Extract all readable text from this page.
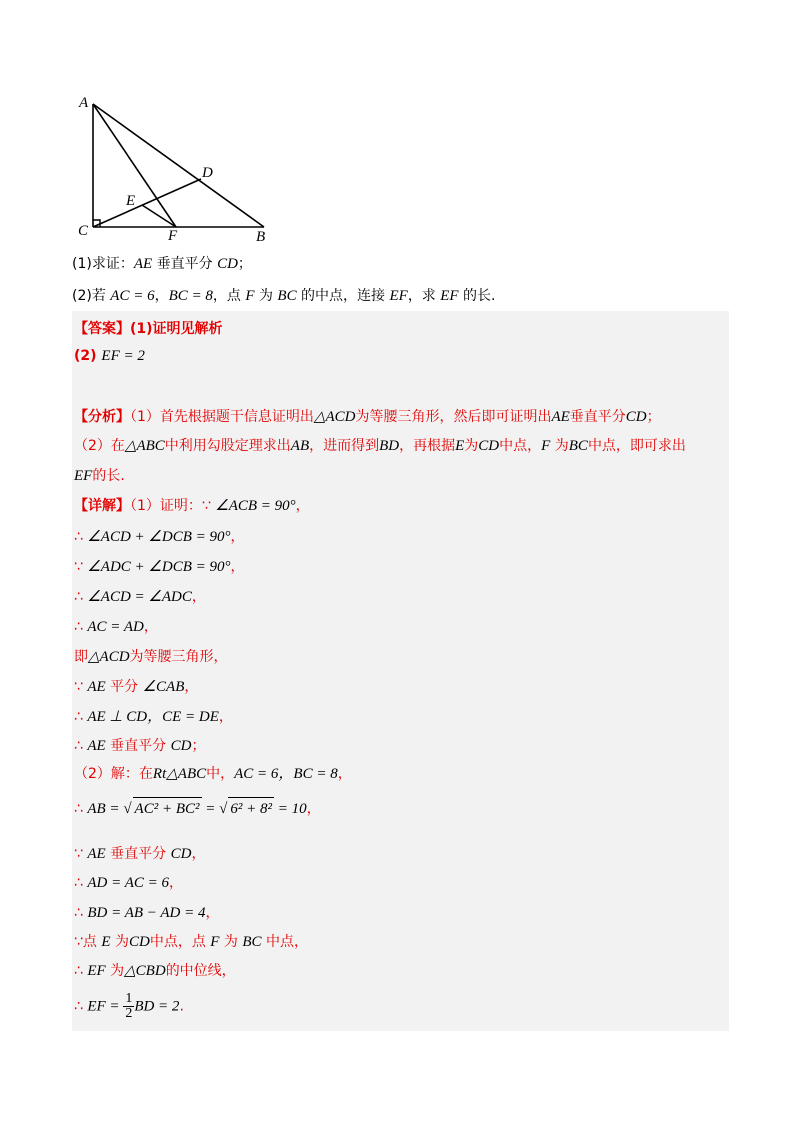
A
C	B
D
E
F
(1)求证：AE 垂直平分 CD；
(2)若 AC = 6，BC = 8，点 F 为 BC 的中点，连接 EF，求 EF 的长.
【答案】(1)证明见解析
(2) EF = 2
【分析】（1）首先根据题干信息证明出△ACD为等腰三角形，然后即可证明出AE垂直平分CD；
（2）在△ABC中利用勾股定理求出AB，进而得到BD，再根据E为CD中点，F 为BC中点，即可求出
EF的长.
【详解】（1）证明：∵ ∠ACB = 90°，
∴ ∠ACD + ∠DCB = 90°，
∵ ∠ADC + ∠DCB = 90°，
∴ ∠ACD = ∠ADC，
∴ AC = AD，
即△ACD为等腰三角形，
∵ AE 平分 ∠CAB，
∴ AE ⊥ CD，CE = DE，
∴ AE 垂直平分 CD；
（2）解：在Rt△ABC中，AC = 6，BC = 8，
∴ AB = √ AC² + BC² = √ 6² + 8² = 10，
∵ AE 垂直平分 CD，
∴ AD = AC = 6，
∴ BD = AB − AD = 4，
∵点 E 为CD中点，点 F 为 BC 中点，
∴ EF 为△CBD的中位线，
∴ EF = $\frac{1}{2}$ BD = 2.
